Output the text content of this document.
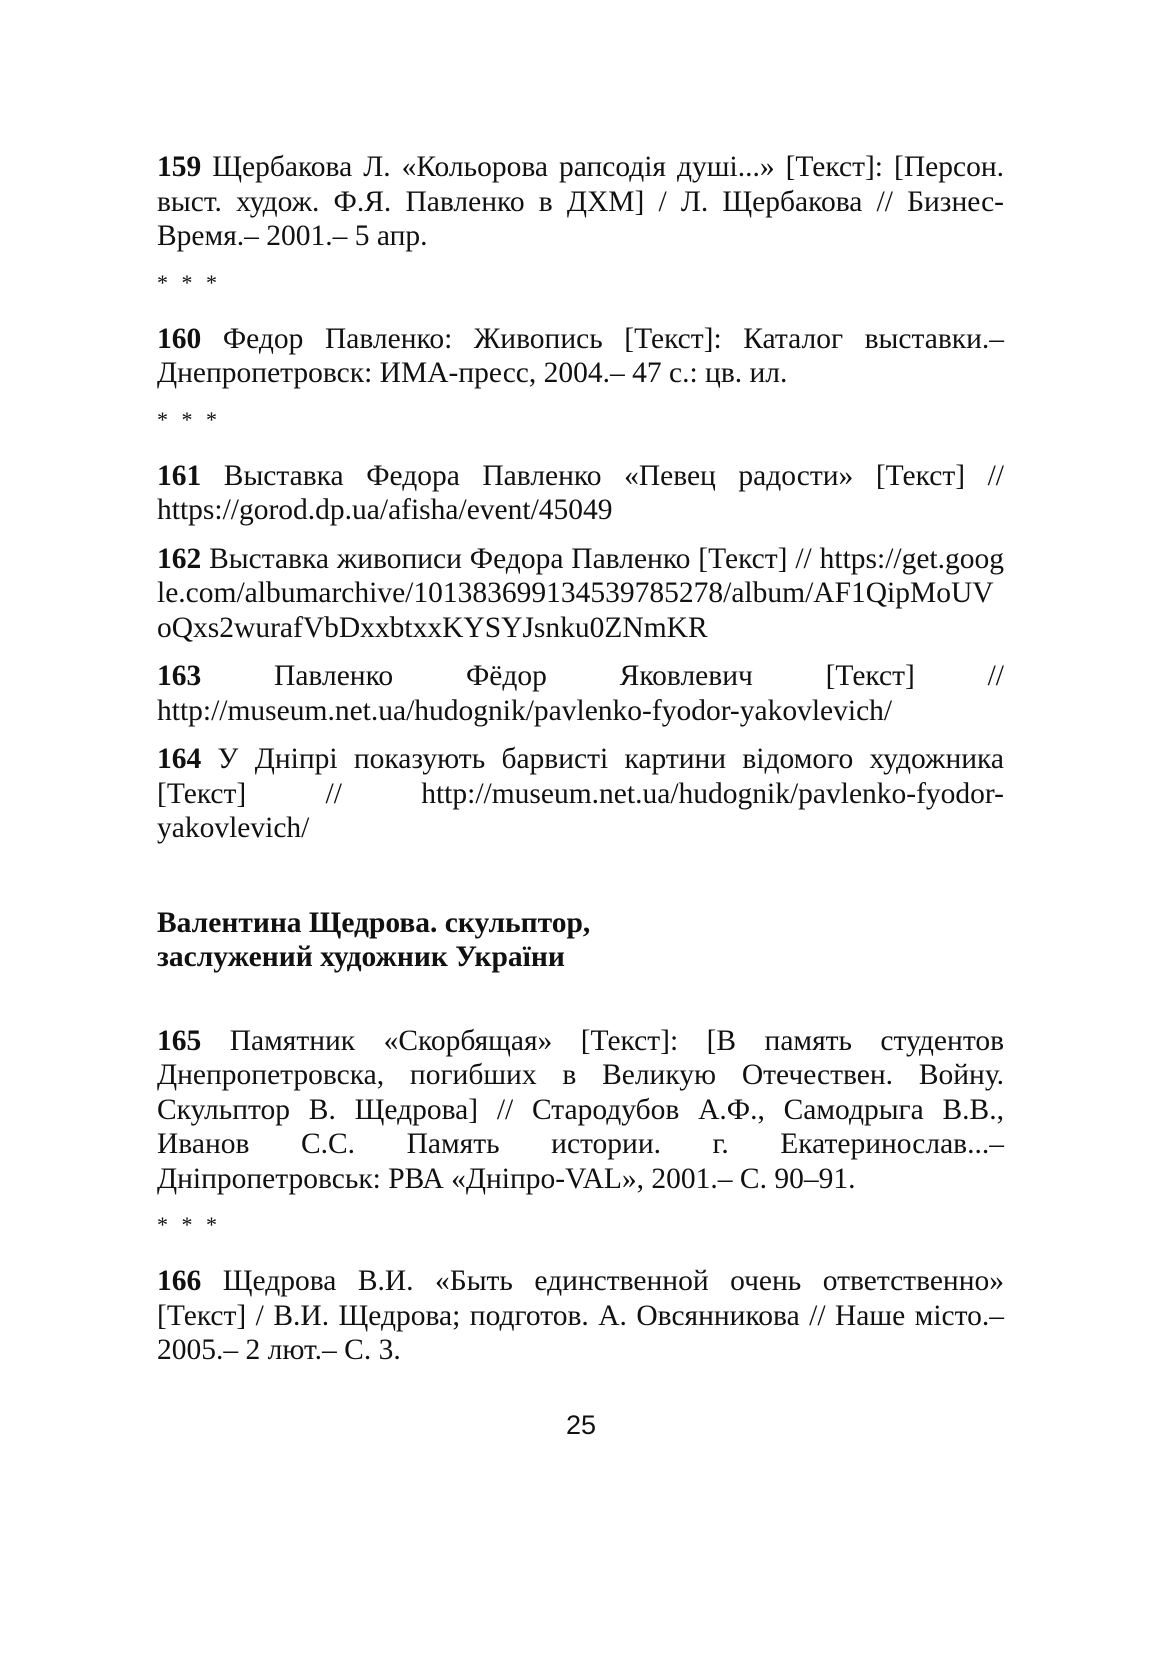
159 Щербакова Л. «Кольорова рапсодія душі...» [Текст]: [Персон. выст. худож. Ф.Я. Павленко в ДХМ] / Л. Щербакова // Бизнес-Время.– 2001.– 5 апр.

* * *

160 Федор Павленко: Живопись [Текст]: Каталог выставки.– Днепропетровск: ИМА-пресс, 2004.– 47 с.: цв. ил.

* * *

161 Выставка Федора Павленко «Певец радости» [Текст] // https://gorod.dp.ua/afisha/event/45049

162 Выставка живописи Федора Павленко [Текст] // https://get.google.com/albumarchive/101383699134539785278/album/AF1QipMoUVoQxs2wurafVbDxxbtxxKYSYJsnku0ZNmKR

163 Павленко Фёдор Яковлевич [Текст] // http://museum.net.ua/hudognik/pavlenko-fyodor-yakovlevich/

164 У Дніпрі показують барвисті картини відомого художника [Текст] // http://museum.net.ua/hudognik/pavlenko-fyodor-yakovlevich/

Валентина Щедрова. скульптор,

заслужений художник України

165 Памятник «Скорбящая» [Текст]: [В память студентов Днепропетровска, погибших в Великую Отечествен. Войну. Скульптор В. Щедрова] // Стародубов А.Ф., Самодрыга В.В., Иванов С.С. Память истории. г. Екатеринослав...– Дніпропетровськ: РВА «Дніпро-VAL», 2001.– С. 90–91.

* * *

166 Щедрова В.И. «Быть единственной очень ответственно» [Текст] / В.И. Щедрова; подготов. А. Овсянникова // Наше місто.– 2005.– 2 лют.– С. 3.

25
